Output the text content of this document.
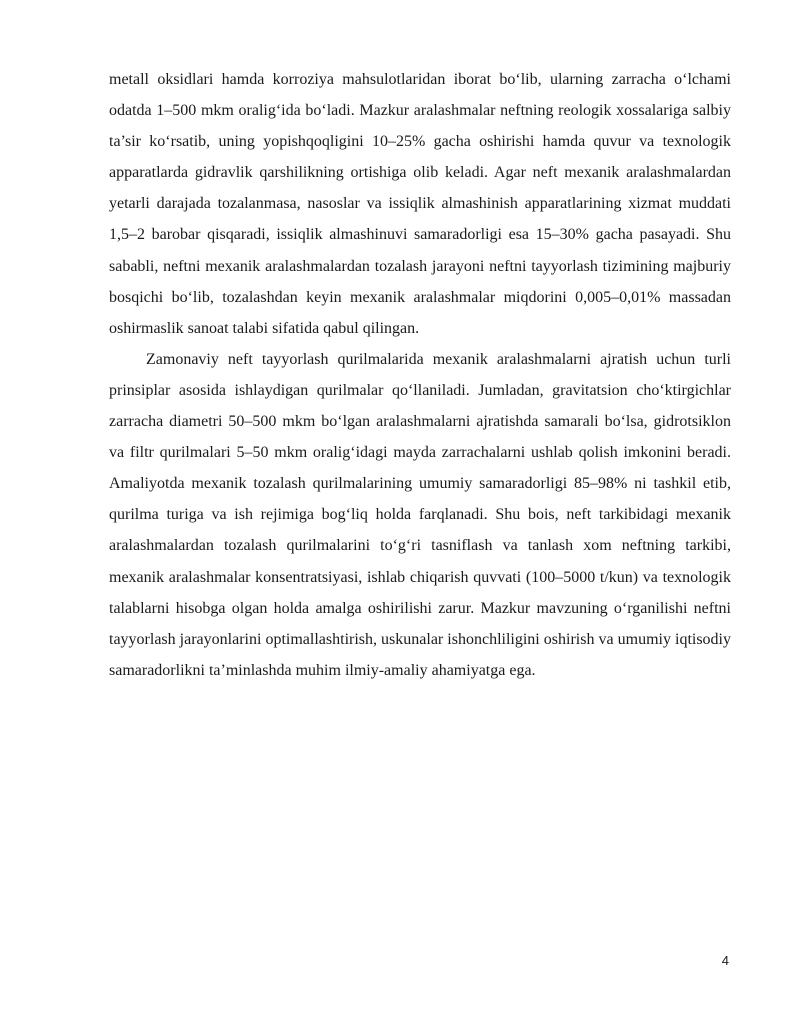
metall oksidlari hamda korroziya mahsulotlaridan iborat bo‘lib, ularning zarracha o‘lchami odatda 1–500 mkm oralig‘ida bo‘ladi. Mazkur aralashmalar neftning reologik xossalariga salbiy ta’sir ko‘rsatib, uning yopishqoqligini 10–25% gacha oshirishi hamda quvur va texnologik apparatlarda gidravlik qarshilikning ortishiga olib keladi. Agar neft mexanik aralashmalardan yetarli darajada tozalanmasa, nasoslar va issiqlik almashinish apparatlarining xizmat muddati 1,5–2 barobar qisqaradi, issiqlik almashinuvi samaradorligi esa 15–30% gacha pasayadi. Shu sababli, neftni mexanik aralashmalardan tozalash jarayoni neftni tayyorlash tizimining majburiy bosqichi bo‘lib, tozalashdan keyin mexanik aralashmalar miqdorini 0,005–0,01% massadan oshirmaslik sanoat talabi sifatida qabul qilingan.

Zamonaviy neft tayyorlash qurilmalarida mexanik aralashmalarni ajratish uchun turli prinsiplar asosida ishlaydigan qurilmalar qo‘llaniladi. Jumladan, gravitatsion cho‘ktirgichlar zarracha diametri 50–500 mkm bo‘lgan aralashmalarni ajratishda samarali bo‘lsa, gidrotsiklon va filtr qurilmalari 5–50 mkm oralig‘idagi mayda zarrachalarni ushlab qolish imkonini beradi. Amaliyotda mexanik tozalash qurilmalarining umumiy samaradorligi 85–98% ni tashkil etib, qurilma turiga va ish rejimiga bog‘liq holda farqlanadi. Shu bois, neft tarkibidagi mexanik aralashmalardan tozalash qurilmalarini to‘g‘ri tasniflash va tanlash xom neftning tarkibi, mexanik aralashmalar konsentratsiyasi, ishlab chiqarish quvvati (100–5000 t/kun) va texnologik talablarni hisobga olgan holda amalga oshirilishi zarur. Mazkur mavzuning o‘rganilishi neftni tayyorlash jarayonlarini optimallashtirish, uskunalar ishonchliligini oshirish va umumiy iqtisodiy samaradorlikni ta’minlashda muhim ilmiy-amaliy ahamiyatga ega.

4
